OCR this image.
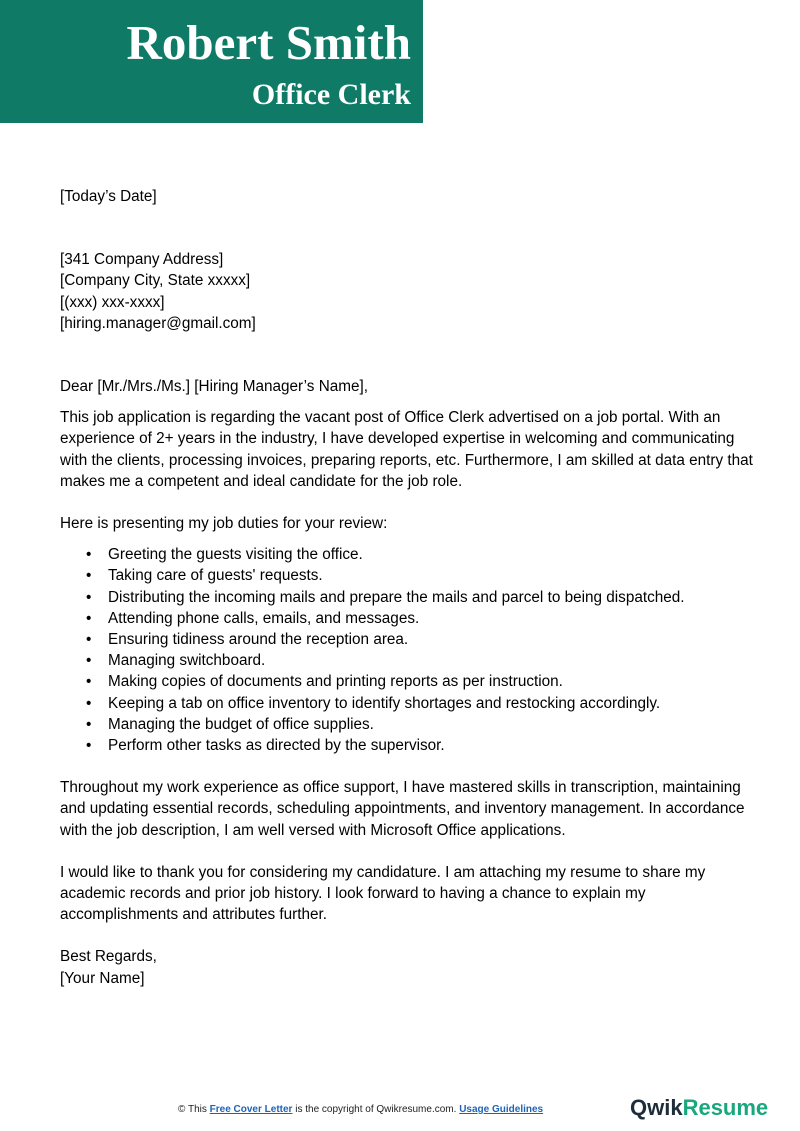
Robert Smith
Office Clerk

[Today’s Date]

[341 Company Address]

[Company City, State xxxxx]

[(xxx) xxx-xxxx]

[hiring.manager@gmail.com]

Dear [Mr./Mrs./Ms.] [Hiring Manager’s Name],

This job application is regarding the vacant post of Office Clerk advertised on a job portal. With an experience of 2+ years in the industry, I have developed expertise in welcoming and communicating with the clients, processing invoices, preparing reports, etc. Furthermore, I am skilled at data entry that makes me a competent and ideal candidate for the job role.

Here is presenting my job duties for your review:

• Greeting the guests visiting the office.
• Taking care of guests' requests.
• Distributing the incoming mails and prepare the mails and parcel to being dispatched.
• Attending phone calls, emails, and messages.
• Ensuring tidiness around the reception area.
• Managing switchboard.
• Making copies of documents and printing reports as per instruction.
• Keeping a tab on office inventory to identify shortages and restocking accordingly.
• Managing the budget of office supplies.
• Perform other tasks as directed by the supervisor.

Throughout my work experience as office support, I have mastered skills in transcription, maintaining and updating essential records, scheduling appointments, and inventory management. In accordance with the job description, I am well versed with Microsoft Office applications.

I would like to thank you for considering my candidature. I am attaching my resume to share my academic records and prior job history. I look forward to having a chance to explain my accomplishments and attributes further.

Best Regards,

[Your Name]

© This Free Cover Letter is the copyright of Qwikresume.com. Usage Guidelines	QwikResume
